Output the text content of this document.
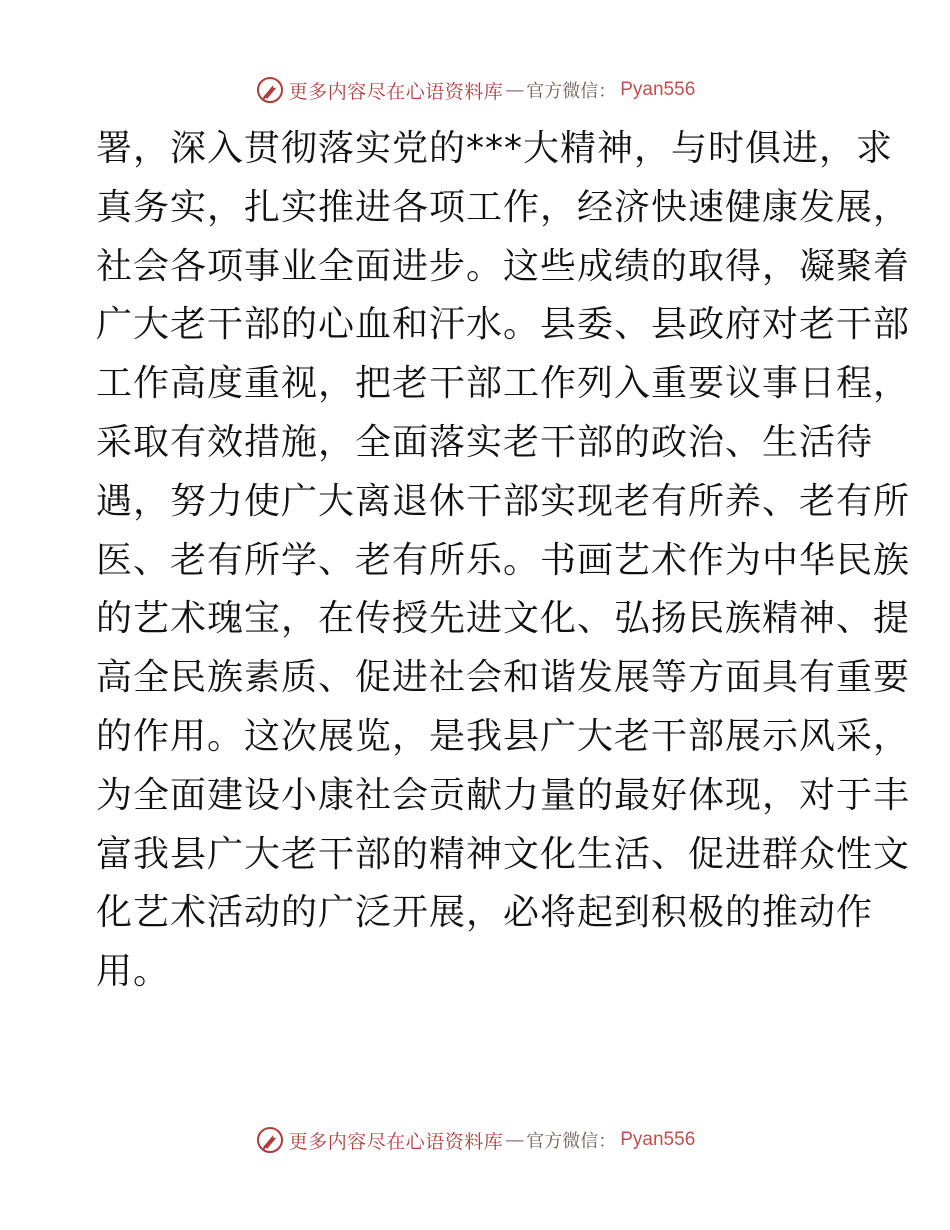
更多内容尽在心语资料库 — 官方微信： Pyan556
署，深入贯彻落实党的***大精神，与时俱进，求
真务实，扎实推进各项工作，经济快速健康发展，
社会各项事业全面进步。这些成绩的取得，凝聚着
广大老干部的心血和汗水。县委、县政府对老干部
工作高度重视，把老干部工作列入重要议事日程，
采取有效措施，全面落实老干部的政治、生活待
遇，努力使广大离退休干部实现老有所养、老有所
医、老有所学、老有所乐。书画艺术作为中华民族
的艺术瑰宝，在传授先进文化、弘扬民族精神、提
高全民族素质、促进社会和谐发展等方面具有重要
的作用。这次展览，是我县广大老干部展示风采，
为全面建设小康社会贡献力量的最好体现，对于丰
富我县广大老干部的精神文化生活、促进群众性文
化艺术活动的广泛开展，必将起到积极的推动作
用。
更多内容尽在心语资料库 — 官方微信： Pyan556
